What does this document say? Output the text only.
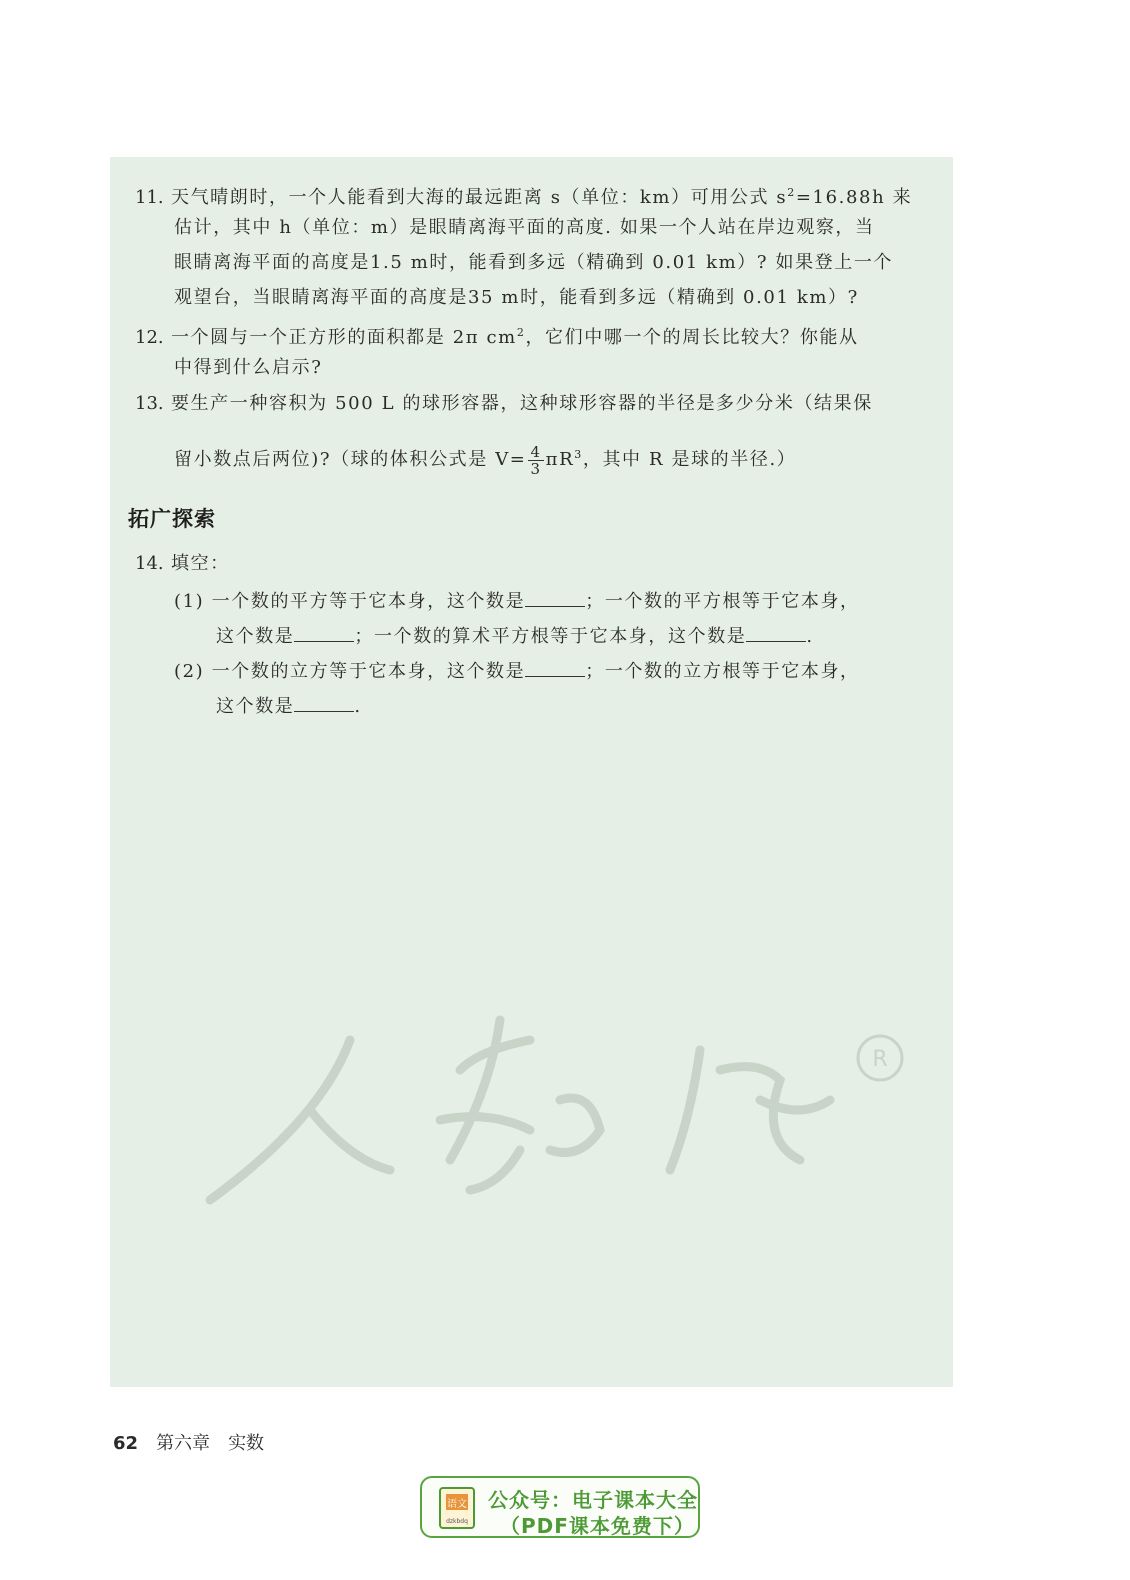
11. 天气晴朗时，一个人能看到大海的最远距离 s（单位：km）可用公式 $s^2=16.88h$ 来
估计，其中 h（单位：m）是眼睛离海平面的高度. 如果一个人站在岸边观察，当
眼睛离海平面的高度是1.5 m时，能看到多远（精确到 0.01 km）? 如果登上一个
观望台，当眼睛离海平面的高度是35 m时，能看到多远（精确到 0.01 km）?
12. 一个圆与一个正方形的面积都是 2π $cm^2$，它们中哪一个的周长比较大？你能从
中得到什么启示?
13. 要生产一种容积为 500 L 的球形容器，这种球形容器的半径是多少分米（结果保
留小数点后两位)?（球的体积公式是 $V= \frac{4}{3} \pi R^3$，其中 R 是球的半径.）
拓广探索
14. 填空：
(1) 一个数的平方等于它本身，这个数是	；一个数的平方根等于它本身，
这个数是	；一个数的算术平方根等于它本身，这个数是	.
(2) 一个数的立方等于它本身，这个数是	；一个数的立方根等于它本身，
这个数是	.
R
62 第六章 实数
语文
dzkbdq
公众号：电子课本大全
（PDF课本免费下）
